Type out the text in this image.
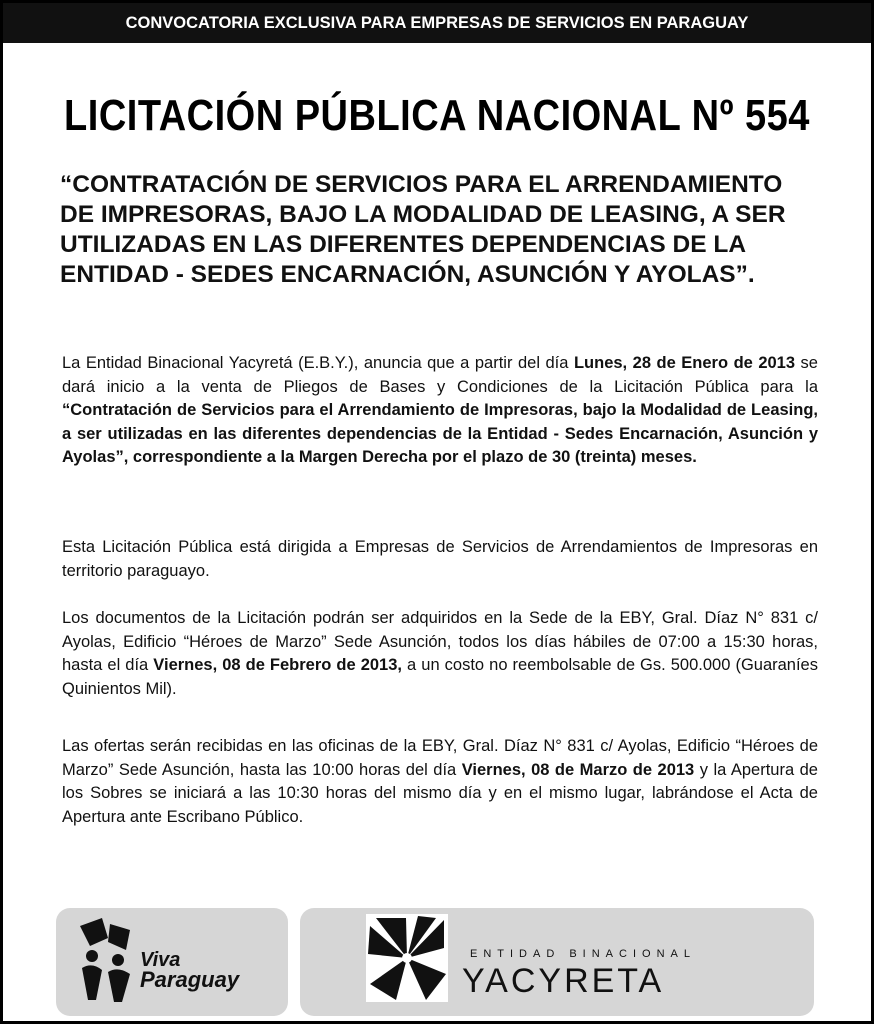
CONVOCATORIA EXCLUSIVA PARA EMPRESAS DE SERVICIOS EN PARAGUAY
LICITACIÓN PÚBLICA NACIONAL Nº 554
“CONTRATACIÓN DE SERVICIOS PARA EL ARRENDAMIENTO DE IMPRESORAS, BAJO LA MODALIDAD DE LEASING, A SER UTILIZADAS EN LAS DIFERENTES DEPENDENCIAS DE LA ENTIDAD - SEDES ENCARNACIÓN, ASUNCIÓN Y AYOLAS”.
La Entidad Binacional Yacyretá (E.B.Y.), anuncia que a partir del día Lunes, 28 de Enero de 2013 se dará inicio a la venta de Pliegos de Bases y Condiciones de la Licitación Pública para la “Contratación de Servicios para el Arrendamiento de Impresoras, bajo la Modalidad de Leasing, a ser utilizadas en las diferentes dependencias de la Entidad - Sedes Encarnación, Asunción y Ayolas”, correspondiente a la Margen Derecha por el plazo de 30 (treinta) meses.
Esta Licitación Pública está dirigida a Empresas de Servicios de Arrendamientos de Impresoras en territorio paraguayo.
Los documentos de la Licitación podrán ser adquiridos en la Sede de la EBY, Gral. Díaz N° 831 c/ Ayolas, Edificio “Héroes de Marzo” Sede Asunción, todos los días hábiles de 07:00 a 15:30 horas, hasta el día Viernes, 08 de Febrero de 2013, a un costo no reembolsable de Gs. 500.000 (Guaraníes Quinientos Mil).
Las ofertas serán recibidas en las oficinas de la EBY, Gral. Díaz N° 831 c/ Ayolas, Edificio “Héroes de Marzo” Sede Asunción, hasta las 10:00 horas del día Viernes, 08 de Marzo de 2013 y la Apertura de los Sobres se iniciará a las 10:30 horas del mismo día y en el mismo lugar, labrándose el Acta de Apertura ante Escribano Público.
Viva
Paraguay
ENTIDAD BINACIONAL
YACYRETA
